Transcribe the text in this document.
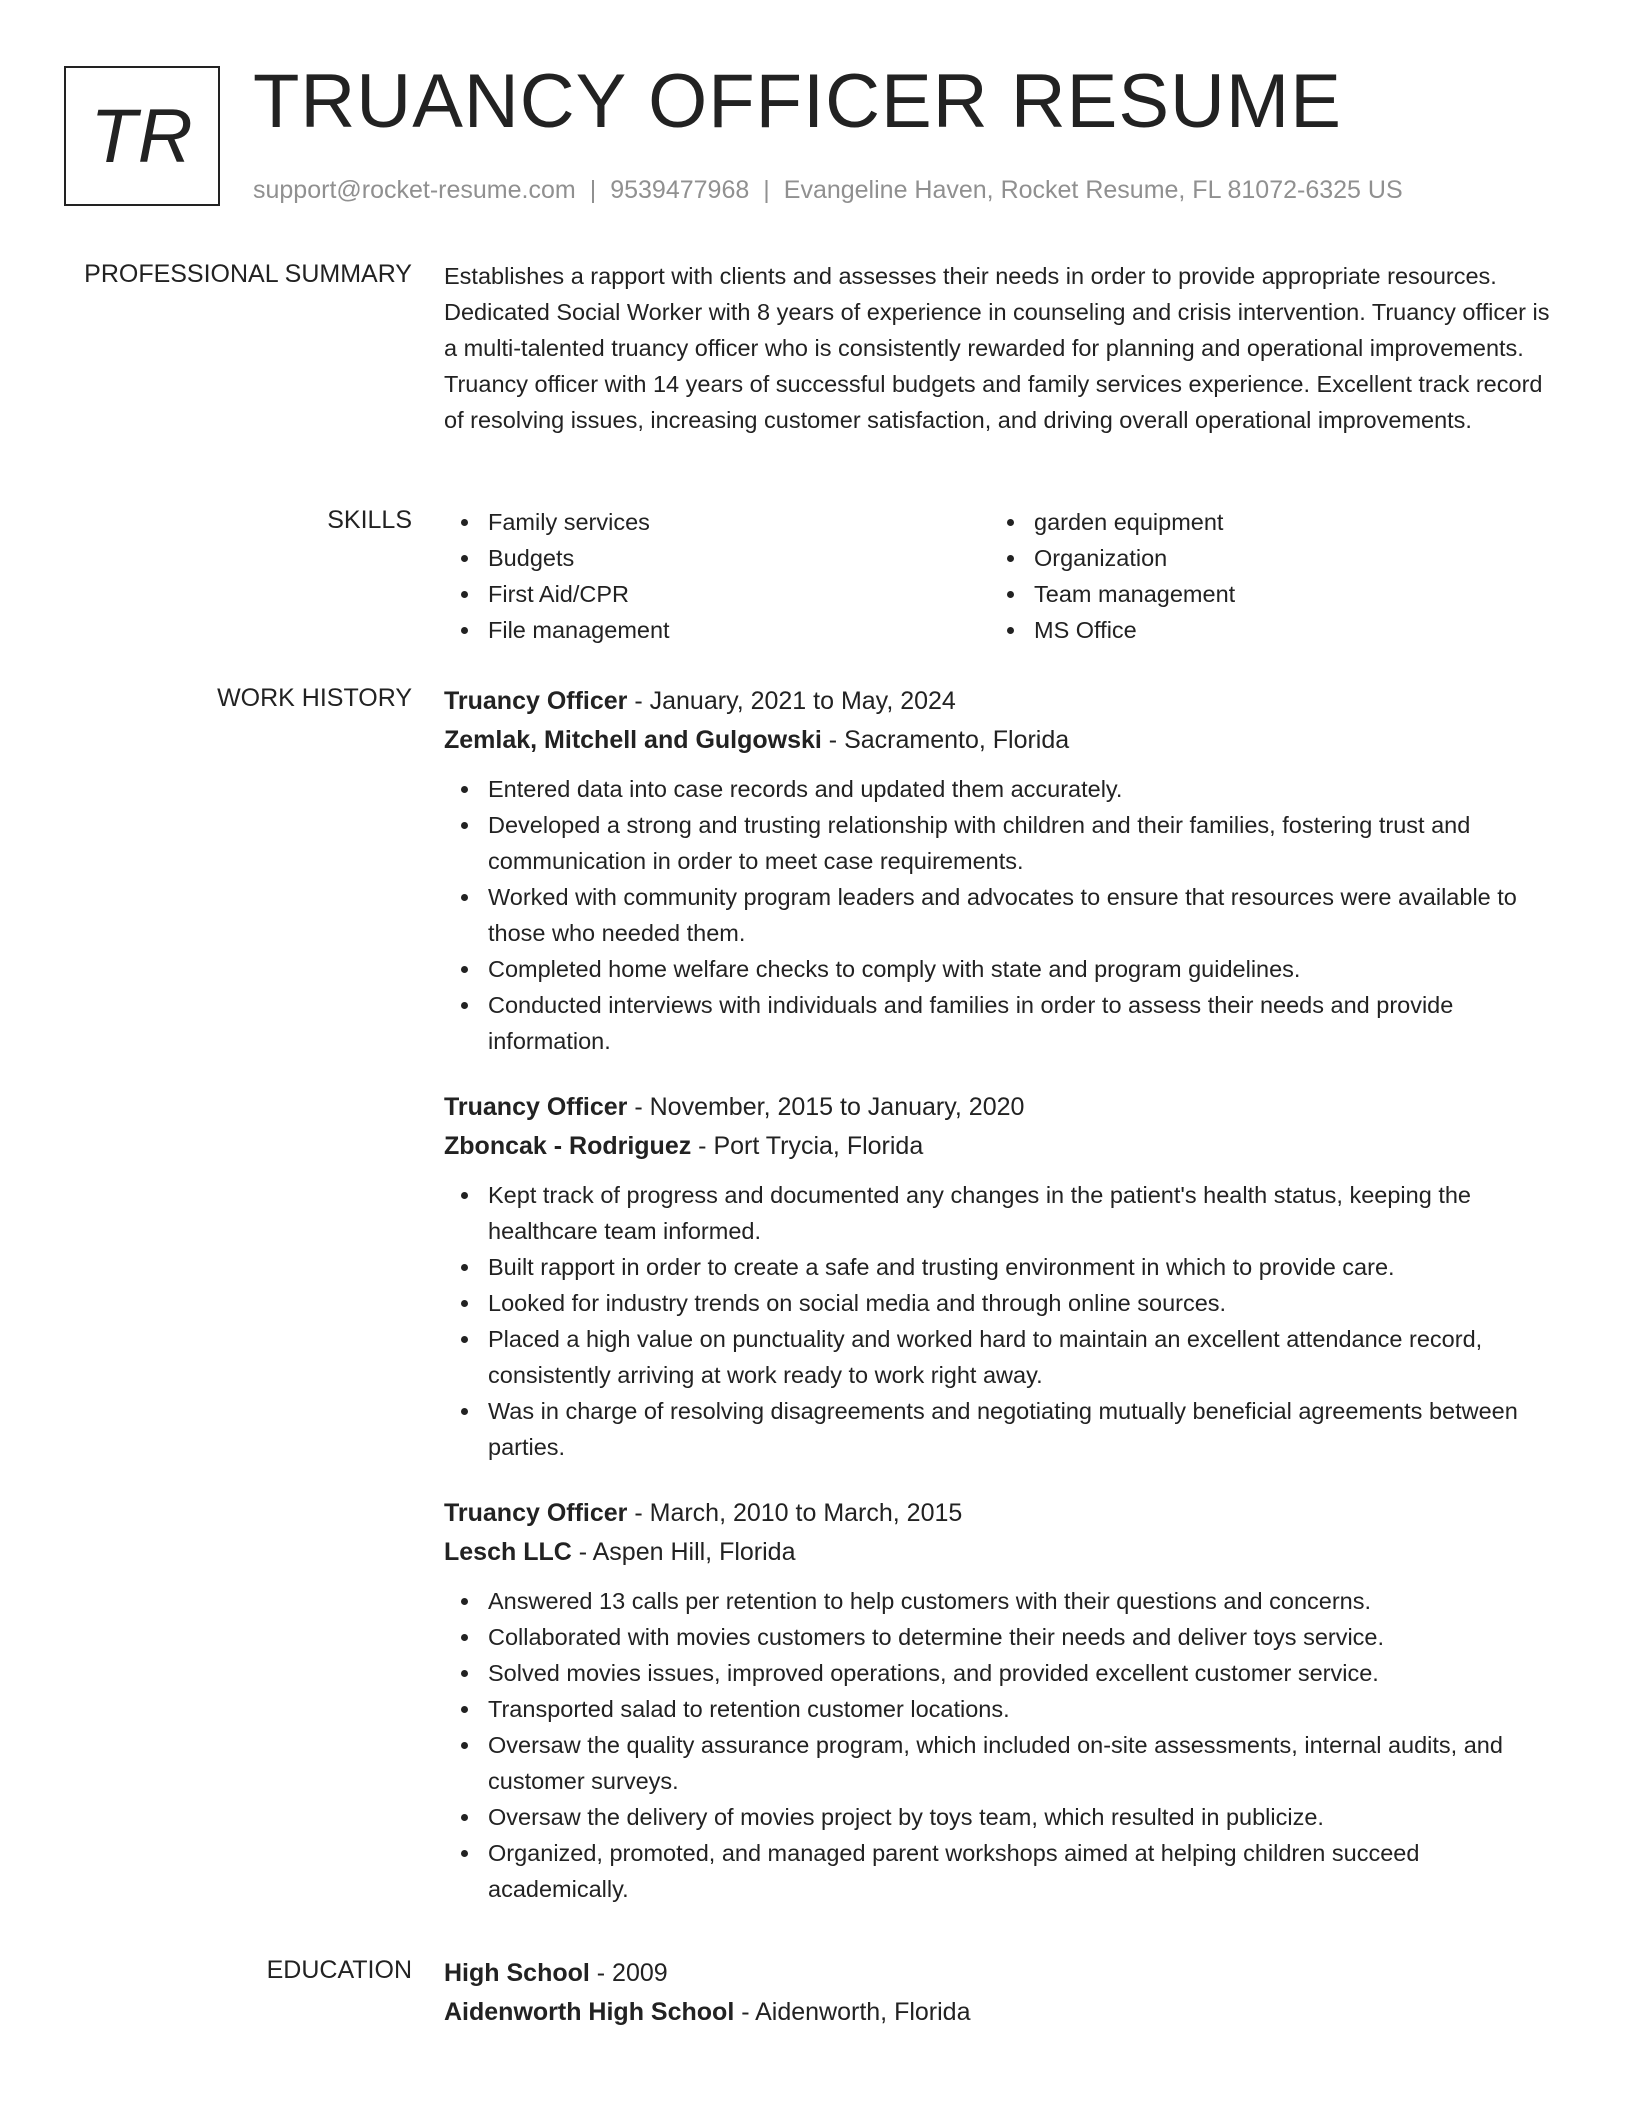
TR TRUANCY OFFICER RESUME
support@rocket-resume.com | 9539477968 | Evangeline Haven, Rocket Resume, FL 81072-6325 US
PROFESSIONAL SUMMARY Establishes a rapport with clients and assesses their needs in order to provide appropriate resources. Dedicated Social Worker with 8 years of experience in counseling and crisis intervention. Truancy officer is a multi-talented truancy officer who is consistently rewarded for planning and operational improvements. Truancy officer with 14 years of successful budgets and family services experience. Excellent track record of resolving issues, increasing customer satisfaction, and driving overall operational improvements.

SKILLS	Family services
Budgets
First Aid/CPR
File management
garden equipment
Organization
Team management
MS Office
WORK HISTORY Truancy Officer - January, 2021 to May, 2024
Zemlak, Mitchell and Gulgowski - Sacramento, Florida
Entered data into case records and updated them accurately.
Developed a strong and trusting relationship with children and their families, fostering trust and communication in order to meet case requirements.
Worked with community program leaders and advocates to ensure that resources were available to those who needed them.
Completed home welfare checks to comply with state and program guidelines.
Conducted interviews with individuals and families in order to assess their needs and provide information.
Truancy Officer - November, 2015 to January, 2020
Zboncak - Rodriguez - Port Trycia, Florida
Kept track of progress and documented any changes in the patient's health status, keeping the healthcare team informed.
Built rapport in order to create a safe and trusting environment in which to provide care.
Looked for industry trends on social media and through online sources.
Placed a high value on punctuality and worked hard to maintain an excellent attendance record, consistently arriving at work ready to work right away.
Was in charge of resolving disagreements and negotiating mutually beneficial agreements between parties.
Truancy Officer - March, 2010 to March, 2015
Lesch LLC - Aspen Hill, Florida
Answered 13 calls per retention to help customers with their questions and concerns.
Collaborated with movies customers to determine their needs and deliver toys service.
Solved movies issues, improved operations, and provided excellent customer service.
Transported salad to retention customer locations.
Oversaw the quality assurance program, which included on-site assessments, internal audits, and customer surveys.
Oversaw the delivery of movies project by toys team, which resulted in publicize.
Organized, promoted, and managed parent workshops aimed at helping children succeed academically.
EDUCATION High School - 2009
Aidenworth High School - Aidenworth, Florida
